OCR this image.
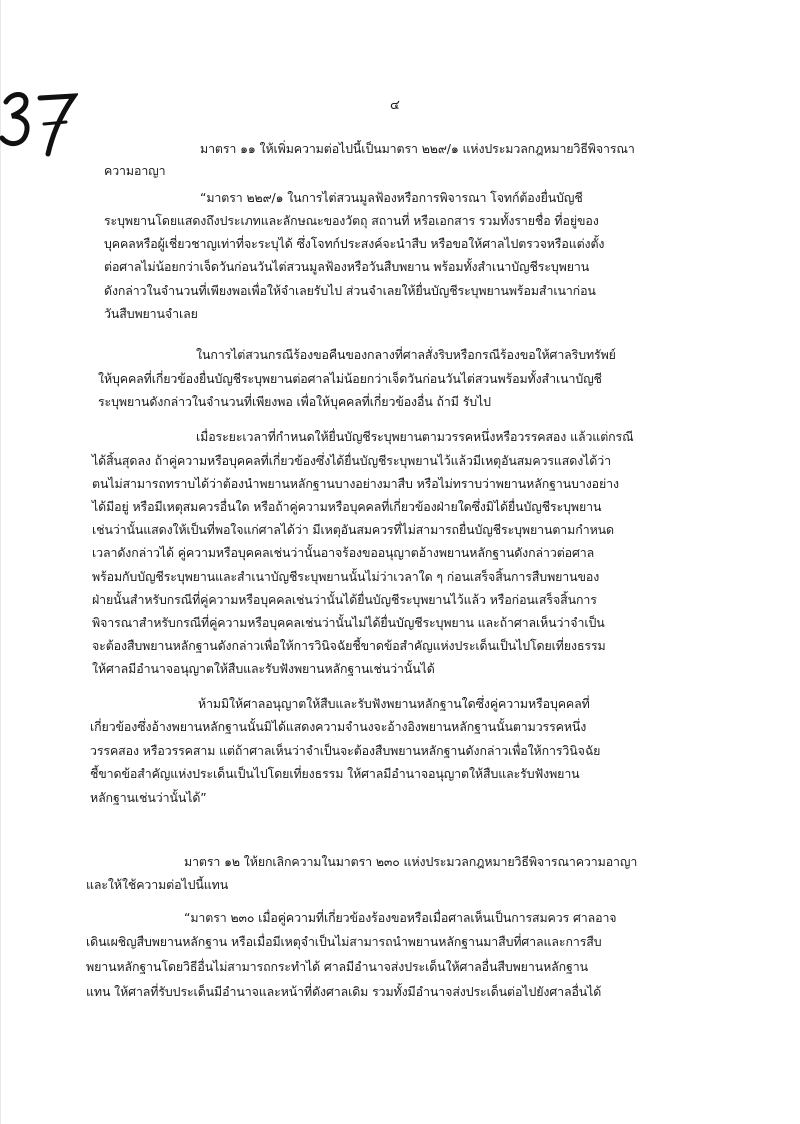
๔
มาตรา ๑๑ ให้เพิ่มความต่อไปนี้เป็นมาตรา ๒๒๙/๑ แห่งประมวลกฎหมายวิธีพิจารณา
ความอาญา
“มาตรา ๒๒๙/๑ ในการไต่สวนมูลฟ้องหรือการพิจารณา โจทก์ต้องยื่นบัญชี
ระบุพยานโดยแสดงถึงประเภทและลักษณะของวัตถุ สถานที่ หรือเอกสาร รวมทั้งรายชื่อ ที่อยู่ของ
บุคคลหรือผู้เชี่ยวชาญเท่าที่จะระบุได้ ซึ่งโจทก์ประสงค์จะนำสืบ หรือขอให้ศาลไปตรวจหรือแต่งตั้ง
ต่อศาลไม่น้อยกว่าเจ็ดวันก่อนวันไต่สวนมูลฟ้องหรือวันสืบพยาน พร้อมทั้งสำเนาบัญชีระบุพยาน
ดังกล่าวในจำนวนที่เพียงพอเพื่อให้จำเลยรับไป ส่วนจำเลยให้ยื่นบัญชีระบุพยานพร้อมสำเนาก่อน
วันสืบพยานจำเลย
ในการไต่สวนกรณีร้องขอคืนของกลางที่ศาลสั่งริบหรือกรณีร้องขอให้ศาลริบทรัพย์
ให้บุคคลที่เกี่ยวข้องยื่นบัญชีระบุพยานต่อศาลไม่น้อยกว่าเจ็ดวันก่อนวันไต่สวนพร้อมทั้งสำเนาบัญชี
ระบุพยานดังกล่าวในจำนวนที่เพียงพอ เพื่อให้บุคคลที่เกี่ยวข้องอื่น ถ้ามี รับไป
เมื่อระยะเวลาที่กำหนดให้ยื่นบัญชีระบุพยานตามวรรคหนึ่งหรือวรรคสอง แล้วแต่กรณี
ได้สิ้นสุดลง ถ้าคู่ความหรือบุคคลที่เกี่ยวข้องซึ่งได้ยื่นบัญชีระบุพยานไว้แล้วมีเหตุอันสมควรแสดงได้ว่า
ตนไม่สามารถทราบได้ว่าต้องนำพยานหลักฐานบางอย่างมาสืบ หรือไม่ทราบว่าพยานหลักฐานบางอย่าง
ได้มีอยู่ หรือมีเหตุสมควรอื่นใด หรือถ้าคู่ความหรือบุคคลที่เกี่ยวข้องฝ่ายใดซึ่งมิได้ยื่นบัญชีระบุพยาน
เช่นว่านั้นแสดงให้เป็นที่พอใจแก่ศาลได้ว่า มีเหตุอันสมควรที่ไม่สามารถยื่นบัญชีระบุพยานตามกำหนด
เวลาดังกล่าวได้ คู่ความหรือบุคคลเช่นว่านั้นอาจร้องขออนุญาตอ้างพยานหลักฐานดังกล่าวต่อศาล
พร้อมกับบัญชีระบุพยานและสำเนาบัญชีระบุพยานนั้นไม่ว่าเวลาใด ๆ ก่อนเสร็จสิ้นการสืบพยานของ
ฝ่ายนั้นสำหรับกรณีที่คู่ความหรือบุคคลเช่นว่านั้นได้ยื่นบัญชีระบุพยานไว้แล้ว หรือก่อนเสร็จสิ้นการ
พิจารณาสำหรับกรณีที่คู่ความหรือบุคคลเช่นว่านั้นไม่ได้ยื่นบัญชีระบุพยาน และถ้าศาลเห็นว่าจำเป็น
จะต้องสืบพยานหลักฐานดังกล่าวเพื่อให้การวินิจฉัยชี้ขาดข้อสำคัญแห่งประเด็นเป็นไปโดยเที่ยงธรรม
ให้ศาลมีอำนาจอนุญาตให้สืบและรับฟังพยานหลักฐานเช่นว่านั้นได้
ห้ามมิให้ศาลอนุญาตให้สืบและรับฟังพยานหลักฐานใดซึ่งคู่ความหรือบุคคลที่
เกี่ยวข้องซึ่งอ้างพยานหลักฐานนั้นมิได้แสดงความจำนงจะอ้างอิงพยานหลักฐานนั้นตามวรรคหนึ่ง
วรรคสอง หรือวรรคสาม แต่ถ้าศาลเห็นว่าจำเป็นจะต้องสืบพยานหลักฐานดังกล่าวเพื่อให้การวินิจฉัย
ชี้ขาดข้อสำคัญแห่งประเด็นเป็นไปโดยเที่ยงธรรม ให้ศาลมีอำนาจอนุญาตให้สืบและรับฟังพยาน
หลักฐานเช่นว่านั้นได้”
มาตรา ๑๒ ให้ยกเลิกความในมาตรา ๒๓๐ แห่งประมวลกฎหมายวิธีพิจารณาความอาญา
และให้ใช้ความต่อไปนี้แทน
“มาตรา ๒๓๐ เมื่อคู่ความที่เกี่ยวข้องร้องขอหรือเมื่อศาลเห็นเป็นการสมควร ศาลอาจ
เดินเผชิญสืบพยานหลักฐาน หรือเมื่อมีเหตุจำเป็นไม่สามารถนำพยานหลักฐานมาสืบที่ศาลและการสืบ
พยานหลักฐานโดยวิธีอื่นไม่สามารถกระทำได้ ศาลมีอำนาจส่งประเด็นให้ศาลอื่นสืบพยานหลักฐาน
แทน ให้ศาลที่รับประเด็นมีอำนาจและหน้าที่ดังศาลเดิม รวมทั้งมีอำนาจส่งประเด็นต่อไปยังศาลอื่นได้
